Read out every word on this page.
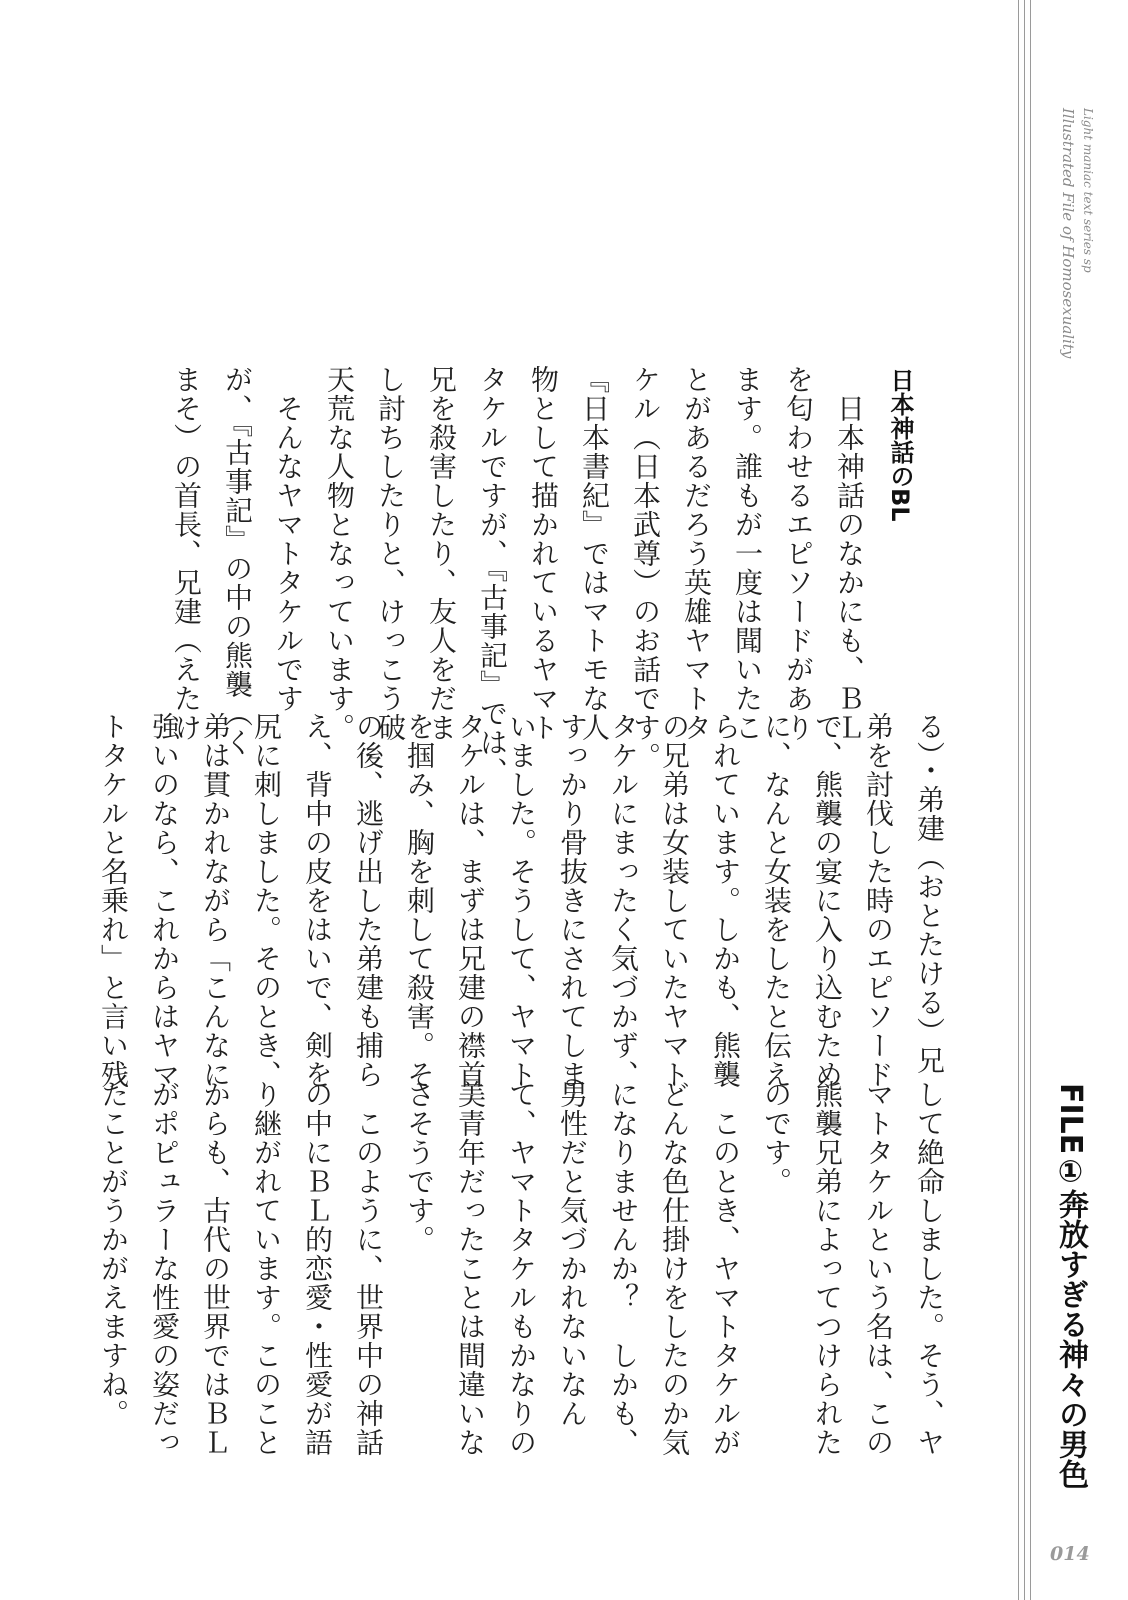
Light maniac text series sp
Illustrated File of Homosexuality
FILE①奔放すぎる神々の男色
014
日本神話のBL
　日本神話のなかにも、ＢＬ
を匂わせるエピソードがあり
ます。誰もが一度は聞いたこ
とがあるだろう英雄ヤマトタ
ケル（日本武尊）のお話です。
『日本書紀』ではマトモな人
物として描かれているヤマト
タケルですが、『古事記』では、
兄を殺害したり、友人をだま
し討ちしたりと、けっこう破
天荒な人物となっています。
　そんなヤマトタケルです
が、『古事記』の中の熊襲（く
まそ）の首長、兄建（えたけ
る）・弟建（おとたける）兄
弟を討伐した時のエピソード
で、熊襲の宴に入り込むため
に、なんと女装をしたと伝え
られています。しかも、熊襲
の兄弟は女装していたヤマト
タケルにまったく気づかず、
すっかり骨抜きにされてしま
いました。そうして、ヤマト
タケルは、まずは兄建の襟首
を掴み、胸を刺して殺害。そ
の後、逃げ出した弟建も捕ら
え、背中の皮をはいで、剣を
尻に刺しました。そのとき、
弟は貫かれながら「こんなに
強いのなら、これからはヤマ
トタケルと名乗れ」と言い残
して絶命しました。そう、ヤ
マトタケルという名は、この
熊襲兄弟によってつけられた
のです。
　このとき、ヤマトタケルが
どんな色仕掛けをしたのか気
になりませんか？　しかも、
男性だと気づかれないなん
て、ヤマトタケルもかなりの
美青年だったことは間違いな
さそうです。
　このように、世界中の神話
の中にＢＬ的恋愛・性愛が語
り継がれています。このこと
からも、古代の世界ではＢＬ
がポピュラーな性愛の姿だっ
たことがうかがえますね。
